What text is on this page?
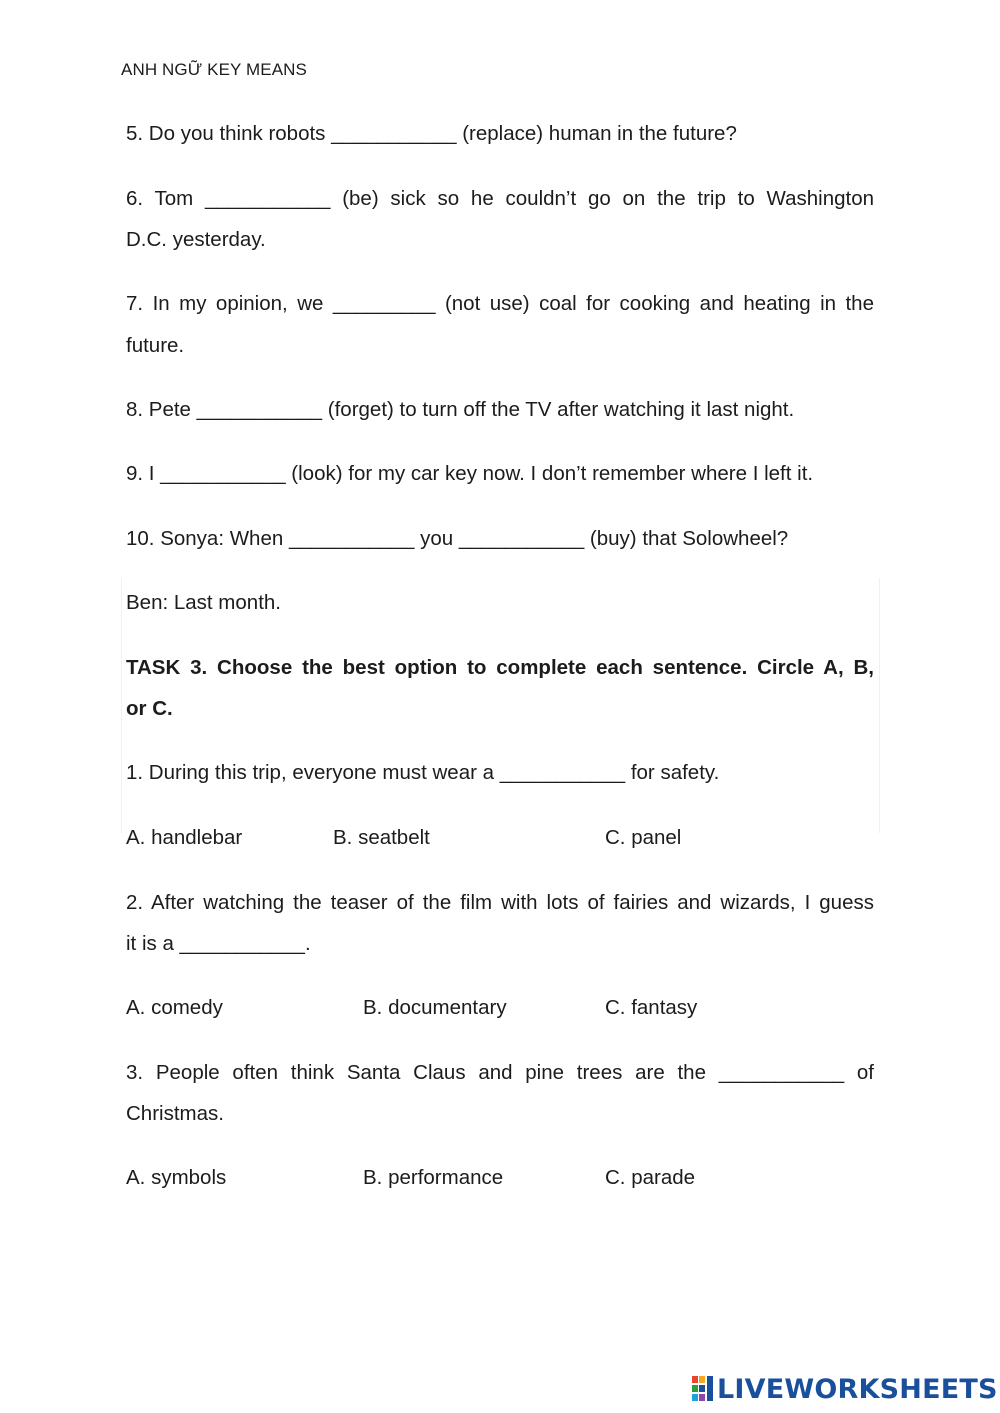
ANH NGỮ KEY MEANS
5. Do you think robots ___________ (replace) human in the future?
6. Tom ___________ (be) sick so he couldn’t go on the trip to Washington
D.C. yesterday.
7. In my opinion, we _________ (not use) coal for cooking and heating in the
future.
8. Pete ___________ (forget) to turn off the TV after watching it last night.
9. I ___________ (look) for my car key now. I don’t remember where I left it.
10. Sonya: When ___________ you ___________ (buy) that Solowheel?
Ben: Last month.
TASK 3. Choose the best option to complete each sentence. Circle A, B,
or C.
1. During this trip, everyone must wear a ___________ for safety.
A. handlebar	B. seatbelt	C. panel
2. After watching the teaser of the film with lots of fairies and wizards, I guess
it is a ___________.
A. comedy	B. documentary	C. fantasy
3. People often think Santa Claus and pine trees are the ___________ of
Christmas.
A. symbols	B. performance	C. parade
LIVEWORKSHEETS
